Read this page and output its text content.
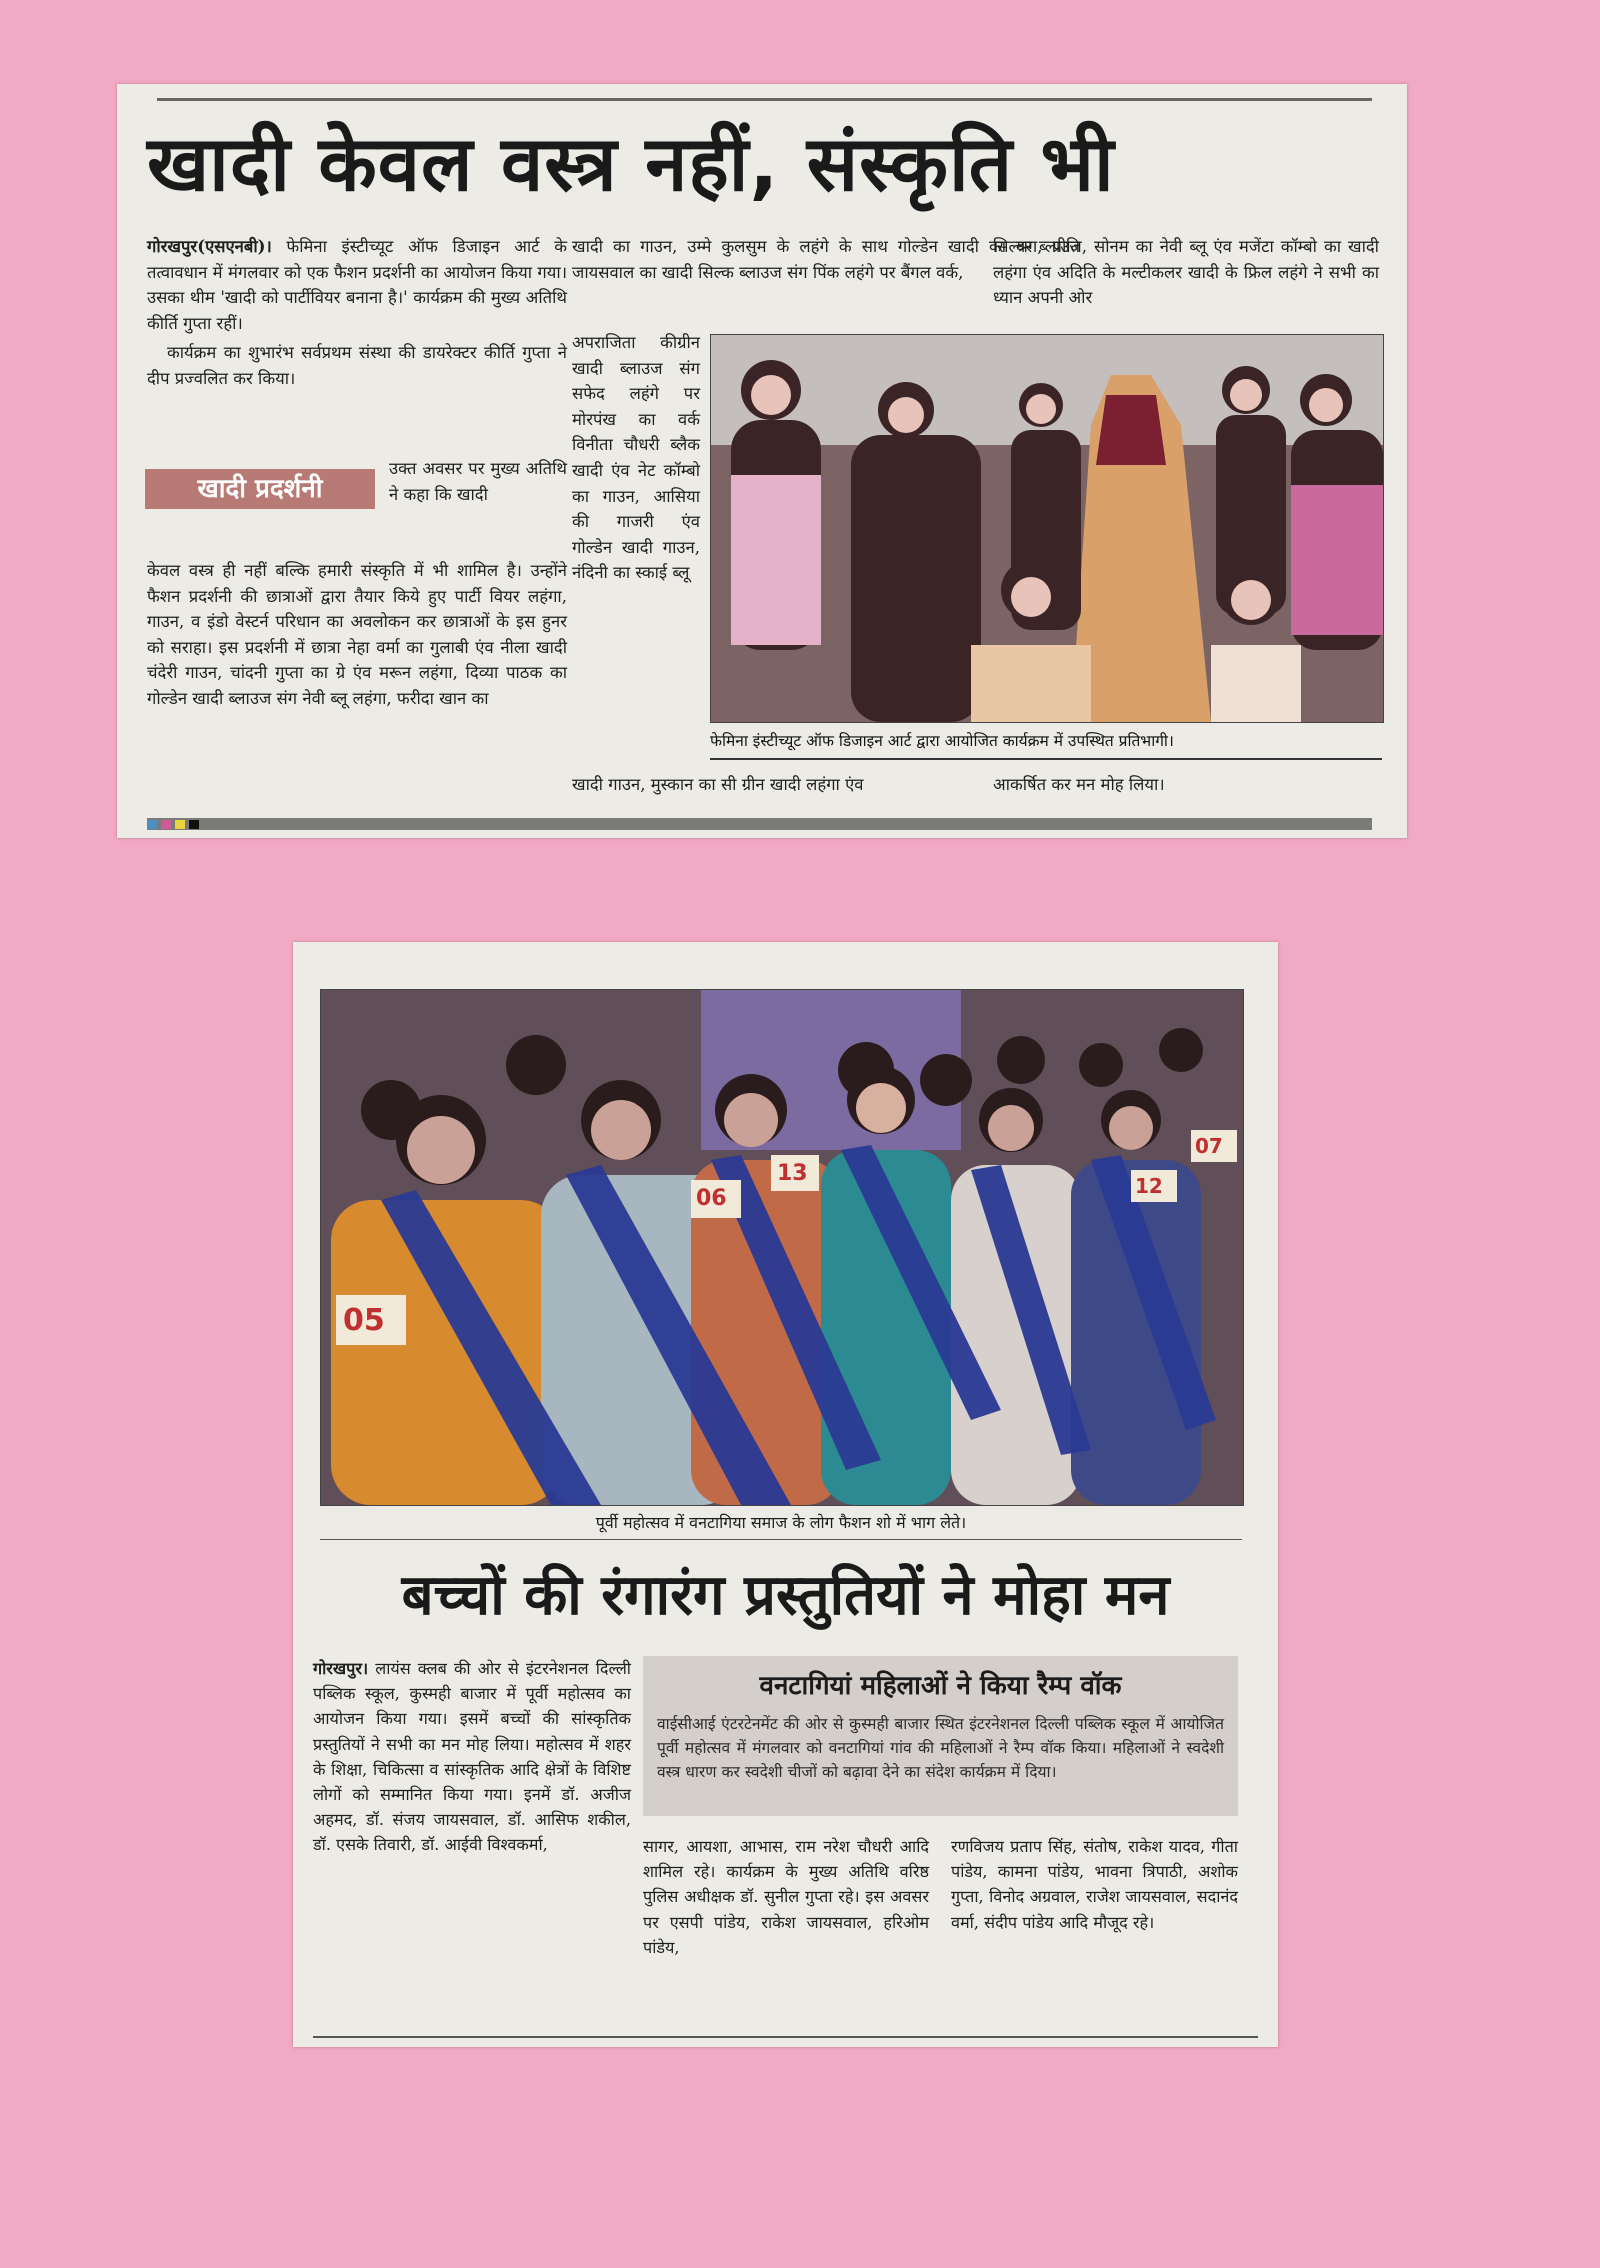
खादी केवल वस्त्र नहीं, संस्कृति भी

गोरखपुर(एसएनबी)। फेमिना इंस्टीच्यूट ऑफ डिजाइन आर्ट के तत्वावधान में मंगलवार को एक फैशन प्रदर्शनी का आयोजन किया गया। उसका थीम 'खादी को पार्टीवियर बनाना है।' कार्यक्रम की मुख्य अतिथि कीर्ति गुप्ता रहीं।

कार्यक्रम का शुभारंभ सर्वप्रथम संस्था की डायरेक्टर कीर्ति गुप्ता ने दीप प्रज्वलित कर किया।

खादी प्रदर्शनी
उक्त अवसर पर मुख्य अतिथि ने कहा कि खादी
केवल वस्त्र ही नहीं बल्कि हमारी संस्कृति में भी शामिल है। उन्होंने फैशन प्रदर्शनी की छात्राओं द्वारा तैयार किये हुए पार्टी वियर लहंगा, गाउन, व इंडो वेस्टर्न परिधान का अवलोकन कर छात्राओं के इस हुनर को सराहा। इस प्रदर्शनी में छात्रा नेहा वर्मा का गुलाबी एंव नीला खादी चंदेरी गाउन, चांदनी गुप्ता का ग्रे एंव मरून लहंगा, दिव्या पाठक का गोल्डेन खादी ब्लाउज संग नेवी ब्लू लहंगा, फरीदा खान का
खादी का गाउन, उम्मे कुलसुम के लहंगे के साथ गोल्डेन खादी का श्रग, प्रीति जायसवाल का खादी सिल्क ब्लाउज संग पिंक लहंगे पर बैंगल वर्क,
अपराजिता कीग्रीन खादी ब्लाउज संग सफेद लहंगे पर मोरपंख का वर्क विनीता चौधरी ब्लैक खादी एंव नेट कॉम्बो का गाउन, आसिया की गाजरी एंव गोल्डेन खादी गाउन, नंदिनी का स्काई ब्लू
खादी गाउन, मुस्कान का सी ग्रीन खादी लहंगा एंव
सिल्वर ब्लाउज, सोनम का नेवी ब्लू एंव मजेंटा कॉम्बो का खादी लहंगा एंव अदिति के मल्टीकलर खादी के फ्रिल लहंगे ने सभी का ध्यान अपनी ओर
आकर्षित कर मन मोह लिया।
फेमिना इंस्टीच्यूट ऑफ डिजाइन आर्ट द्वारा आयोजित कार्यक्रम में उपस्थित प्रतिभागी।
05
06
13
07
12
पूर्वी महोत्सव में वनटागिया समाज के लोग फैशन शो में भाग लेते।
बच्चों की रंगारंग प्रस्तुतियों ने मोहा मन

गोरखपुर। लायंस क्लब की ओर से इंटरनेशनल दिल्ली पब्लिक स्कूल, कुस्मही बाजार में पूर्वी महोत्सव का आयोजन किया गया। इसमें बच्चों की सांस्कृतिक प्रस्तुतियों ने सभी का मन मोह लिया। महोत्सव में शहर के शिक्षा, चिकित्सा व सांस्कृतिक आदि क्षेत्रों के विशिष्ट लोगों को सम्मानित किया गया। इनमें डॉ. अजीज अहमद, डॉ. संजय जायसवाल, डॉ. आसिफ शकील, डॉ. एसके तिवारी, डॉ. आईवी विश्वकर्मा,

वनटागियां महिलाओं ने किया रैम्प वॉक

वाईसीआई एंटरटेनमेंट की ओर से कुस्मही बाजार स्थित इंटरनेशनल दिल्ली पब्लिक स्कूल में आयोजित पूर्वी महोत्सव में मंगलवार को वनटागियां गांव की महिलाओं ने रैम्प वॉक किया। महिलाओं ने स्वदेशी वस्त्र धारण कर स्वदेशी चीजों को बढ़ावा देने का संदेश कार्यक्रम में दिया।

सागर, आयशा, आभास, राम नरेश चौधरी आदि शामिल रहे। कार्यक्रम के मुख्य अतिथि वरिष्ठ पुलिस अधीक्षक डॉ. सुनील गुप्ता रहे। इस अवसर पर एसपी पांडेय, राकेश जायसवाल, हरिओम पांडेय,
रणविजय प्रताप सिंह, संतोष, राकेश यादव, गीता पांडेय, कामना पांडेय, भावना त्रिपाठी, अशोक गुप्ता, विनोद अग्रवाल, राजेश जायसवाल, सदानंद वर्मा, संदीप पांडेय आदि मौजूद रहे।
